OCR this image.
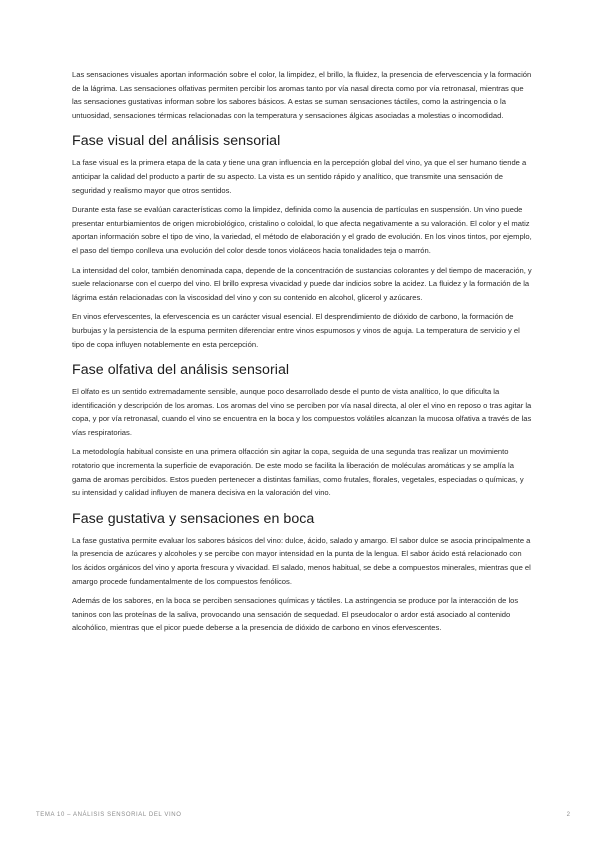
Las sensaciones visuales aportan información sobre el color, la limpidez, el brillo, la fluidez, la presencia de efervescencia y la formación de la lágrima. Las sensaciones olfativas permiten percibir los aromas tanto por vía nasal directa como por vía retronasal, mientras que las sensaciones gustativas informan sobre los sabores básicos. A estas se suman sensaciones táctiles, como la astringencia o la untuosidad, sensaciones térmicas relacionadas con la temperatura y sensaciones álgicas asociadas a molestias o incomodidad.

Fase visual del análisis sensorial

La fase visual es la primera etapa de la cata y tiene una gran influencia en la percepción global del vino, ya que el ser humano tiende a anticipar la calidad del producto a partir de su aspecto. La vista es un sentido rápido y analítico, que transmite una sensación de seguridad y realismo mayor que otros sentidos.

Durante esta fase se evalúan características como la limpidez, definida como la ausencia de partículas en suspensión. Un vino puede presentar enturbiamientos de origen microbiológico, cristalino o coloidal, lo que afecta negativamente a su valoración. El color y el matiz aportan información sobre el tipo de vino, la variedad, el método de elaboración y el grado de evolución. En los vinos tintos, por ejemplo, el paso del tiempo conlleva una evolución del color desde tonos violáceos hacia tonalidades teja o marrón.

La intensidad del color, también denominada capa, depende de la concentración de sustancias colorantes y del tiempo de maceración, y suele relacionarse con el cuerpo del vino. El brillo expresa vivacidad y puede dar indicios sobre la acidez. La fluidez y la formación de la lágrima están relacionadas con la viscosidad del vino y con su contenido en alcohol, glicerol y azúcares.

En vinos efervescentes, la efervescencia es un carácter visual esencial. El desprendimiento de dióxido de carbono, la formación de burbujas y la persistencia de la espuma permiten diferenciar entre vinos espumosos y vinos de aguja. La temperatura de servicio y el tipo de copa influyen notablemente en esta percepción.

Fase olfativa del análisis sensorial

El olfato es un sentido extremadamente sensible, aunque poco desarrollado desde el punto de vista analítico, lo que dificulta la identificación y descripción de los aromas. Los aromas del vino se perciben por vía nasal directa, al oler el vino en reposo o tras agitar la copa, y por vía retronasal, cuando el vino se encuentra en la boca y los compuestos volátiles alcanzan la mucosa olfativa a través de las vías respiratorias.

La metodología habitual consiste en una primera olfacción sin agitar la copa, seguida de una segunda tras realizar un movimiento rotatorio que incrementa la superficie de evaporación. De este modo se facilita la liberación de moléculas aromáticas y se amplía la gama de aromas percibidos. Estos pueden pertenecer a distintas familias, como frutales, florales, vegetales, especiadas o químicas, y su intensidad y calidad influyen de manera decisiva en la valoración del vino.

Fase gustativa y sensaciones en boca

La fase gustativa permite evaluar los sabores básicos del vino: dulce, ácido, salado y amargo. El sabor dulce se asocia principalmente a la presencia de azúcares y alcoholes y se percibe con mayor intensidad en la punta de la lengua. El sabor ácido está relacionado con los ácidos orgánicos del vino y aporta frescura y vivacidad. El salado, menos habitual, se debe a compuestos minerales, mientras que el amargo procede fundamentalmente de los compuestos fenólicos.

Además de los sabores, en la boca se perciben sensaciones químicas y táctiles. La astringencia se produce por la interacción de los taninos con las proteínas de la saliva, provocando una sensación de sequedad. El pseudocalor o ardor está asociado al contenido alcohólico, mientras que el picor puede deberse a la presencia de dióxido de carbono en vinos efervescentes.

TEMA 10 – ANÁLISIS SENSORIAL DEL VINO	2
